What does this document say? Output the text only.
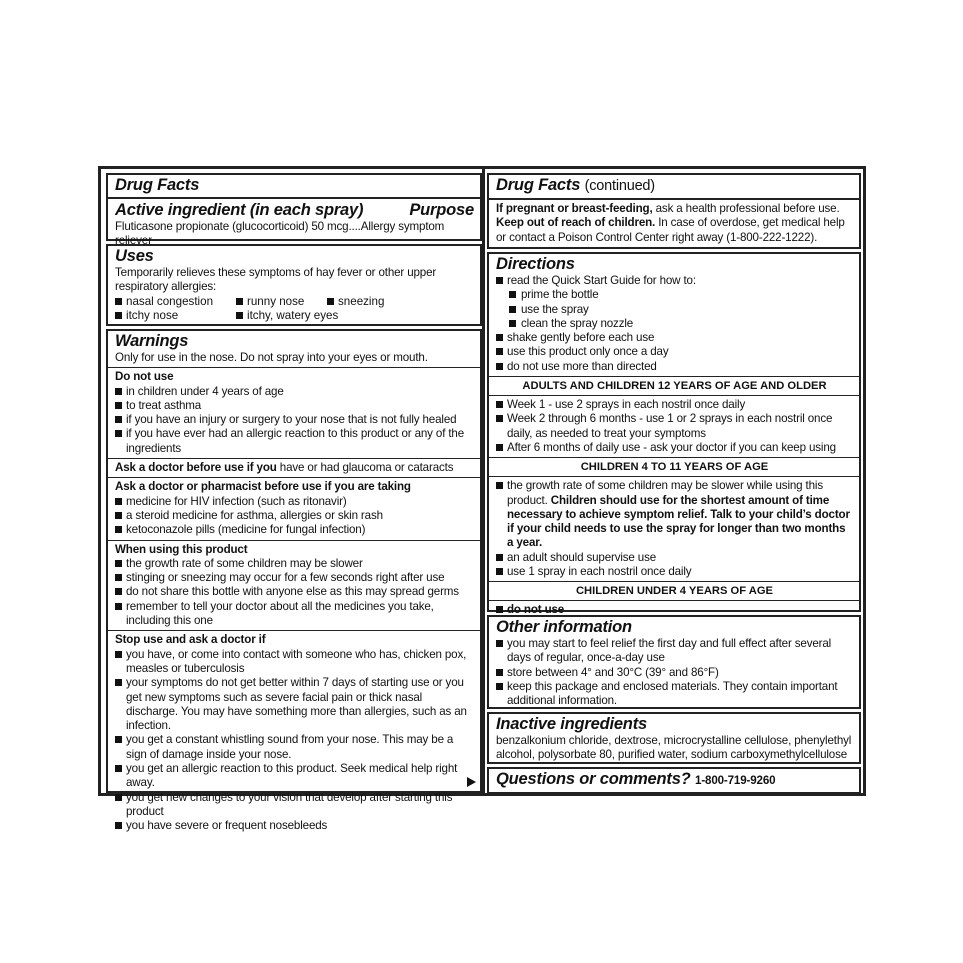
Drug Facts
Active ingredient (in each spray)	Purpose
Fluticasone propionate (glucocorticoid) 50 mcg....Allergy symptom reliever
Uses
Temporarily relieves these symptoms of hay fever or other upper respiratory allergies:
nasal congestion	runny nose	sneezing
itchy nose	itchy, watery eyes
Warnings
Only for use in the nose. Do not spray into your eyes or mouth.
Do not use
in children under 4 years of age
to treat asthma
if you have an injury or surgery to your nose that is not fully healed
if you have ever had an allergic reaction to this product or any of the ingredients
Ask a doctor before use if you have or had glaucoma or cataracts
Ask a doctor or pharmacist before use if you are taking
medicine for HIV infection (such as ritonavir)
a steroid medicine for asthma, allergies or skin rash
ketoconazole pills (medicine for fungal infection)
When using this product
the growth rate of some children may be slower
stinging or sneezing may occur for a few seconds right after use
do not share this bottle with anyone else as this may spread germs
remember to tell your doctor about all the medicines you take, including this one
Stop use and ask a doctor if
you have, or come into contact with someone who has, chicken pox, measles or tuberculosis
your symptoms do not get better within 7 days of starting use or you get new symptoms such as severe facial pain or thick nasal discharge. You may have something more than allergies, such as an infection.
you get a constant whistling sound from your nose. This may be a sign of damage inside your nose.
you get an allergic reaction to this product. Seek medical help right away.
you get new changes to your vision that develop after starting this product
you have severe or frequent nosebleeds
Drug Facts (continued)
If pregnant or breast-feeding, ask a health professional before use.
Keep out of reach of children. In case of overdose, get medical help or contact a Poison Control Center right away (1-800-222-1222).
Directions
read the Quick Start Guide for how to:
prime the bottle
use the spray
clean the spray nozzle
shake gently before each use
use this product only once a day
do not use more than directed
ADULTS AND CHILDREN 12 YEARS OF AGE AND OLDER
Week 1 - use 2 sprays in each nostril once daily
Week 2 through 6 months - use 1 or 2 sprays in each nostril once daily, as needed to treat your symptoms
After 6 months of daily use - ask your doctor if you can keep using
CHILDREN 4 TO 11 YEARS OF AGE
the growth rate of some children may be slower while using this product. Children should use for the shortest amount of time necessary to achieve symptom relief. Talk to your child’s doctor if your child needs to use the spray for longer than two months a year.
an adult should supervise use
use 1 spray in each nostril once daily
CHILDREN UNDER 4 YEARS OF AGE
do not use
Other information
you may start to feel relief the first day and full effect after several days of regular, once-a-day use
store between 4° and 30°C (39° and 86°F)
keep this package and enclosed materials. They contain important additional information.
Inactive ingredients
benzalkonium chloride, dextrose, microcrystalline cellulose, phenylethyl alcohol, polysorbate 80, purified water, sodium carboxymethylcellulose
Questions or comments? 1-800-719-9260
